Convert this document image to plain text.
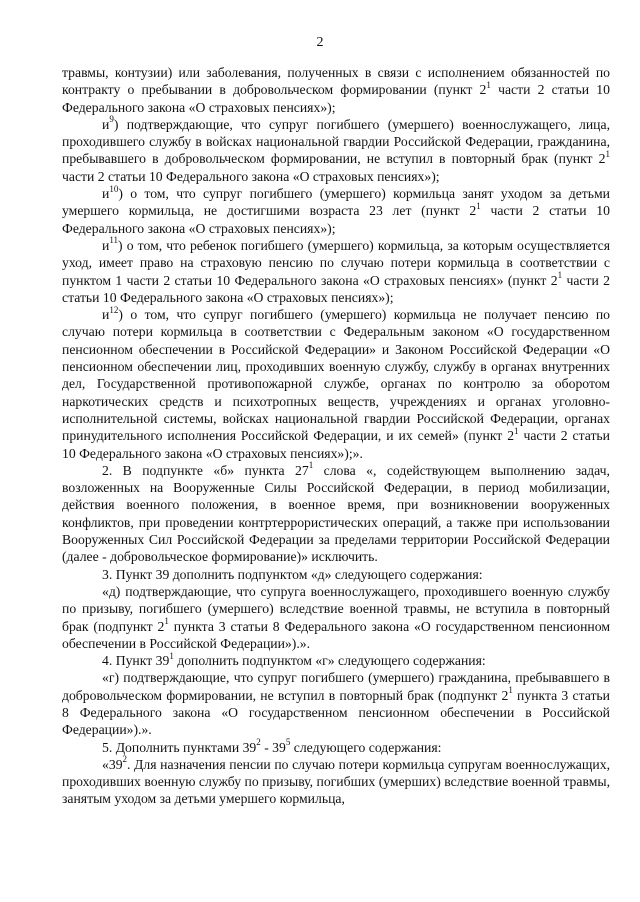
2

травмы, контузии) или заболевания, полученных в связи с исполнением обязанностей по контракту о пребывании в добровольческом формировании (пункт $2^1$ части 2 статьи 10 Федерального закона «О страховых пенсиях»);

$и^9$) подтверждающие, что супруг погибшего (умершего) военнослужащего, лица, проходившего службу в войсках национальной гвардии Российской Федерации, гражданина, пребывавшего в добровольческом формировании, не вступил в повторный брак (пункт $2^1$ части 2 статьи 10 Федерального закона «О страховых пенсиях»);

$и^{10}$) о том, что супруг погибшего (умершего) кормильца занят уходом за детьми умершего кормильца, не достигшими возраста 23 лет (пункт $2^1$ части 2 статьи 10 Федерального закона «О страховых пенсиях»);

$и^{11}$) о том, что ребенок погибшего (умершего) кормильца, за которым осуществляется уход, имеет право на страховую пенсию по случаю потери кормильца в соответствии с пунктом 1 части 2 статьи 10 Федерального закона «О страховых пенсиях» (пункт $2^1$ части 2 статьи 10 Федерального закона «О страховых пенсиях»);

$и^{12}$) о том, что супруг погибшего (умершего) кормильца не получает пенсию по случаю потери кормильца в соответствии с Федеральным законом «О государственном пенсионном обеспечении в Российской Федерации» и Законом Российской Федерации «О пенсионном обеспечении лиц, проходивших военную службу, службу в органах внутренних дел, Государственной противопожарной службе, органах по контролю за оборотом наркотических средств и психотропных веществ, учреждениях и органах уголовно-исполнительной системы, войсках национальной гвардии Российской Федерации, органах принудительного исполнения Российской Федерации, и их семей» (пункт $2^1$ части 2 статьи 10 Федерального закона «О страховых пенсиях»);».

2. В подпункте «б» пункта $27^1$ слова «, содействующем выполнению задач, возложенных на Вооруженные Силы Российской Федерации, в период мобилизации, действия военного положения, в военное время, при возникновении вооруженных конфликтов, при проведении контртеррористических операций, а также при использовании Вооруженных Сил Российской Федерации за пределами территории Российской Федерации (далее - добровольческое формирование)» исключить.

3. Пункт 39 дополнить подпунктом «д» следующего содержания:

«д) подтверждающие, что супруга военнослужащего, проходившего военную службу по призыву, погибшего (умершего) вследствие военной травмы, не вступила в повторный брак (подпункт $2^1$ пункта 3 статьи 8 Федерального закона «О государственном пенсионном обеспечении в Российской Федерации»).».

4. Пункт $39^1$ дополнить подпунктом «г» следующего содержания:

«г) подтверждающие, что супруг погибшего (умершего) гражданина, пребывавшего в добровольческом формировании, не вступил в повторный брак (подпункт $2^1$ пункта 3 статьи 8 Федерального закона «О государственном пенсионном обеспечении в Российской Федерации»).».

5. Дополнить пунктами $39^2 - 39^5$ следующего содержания:

«$39^2$. Для назначения пенсии по случаю потери кормильца супругам военнослужащих, проходивших военную службу по призыву, погибших (умерших) вследствие военной травмы, занятым уходом за детьми умершего кормильца,
